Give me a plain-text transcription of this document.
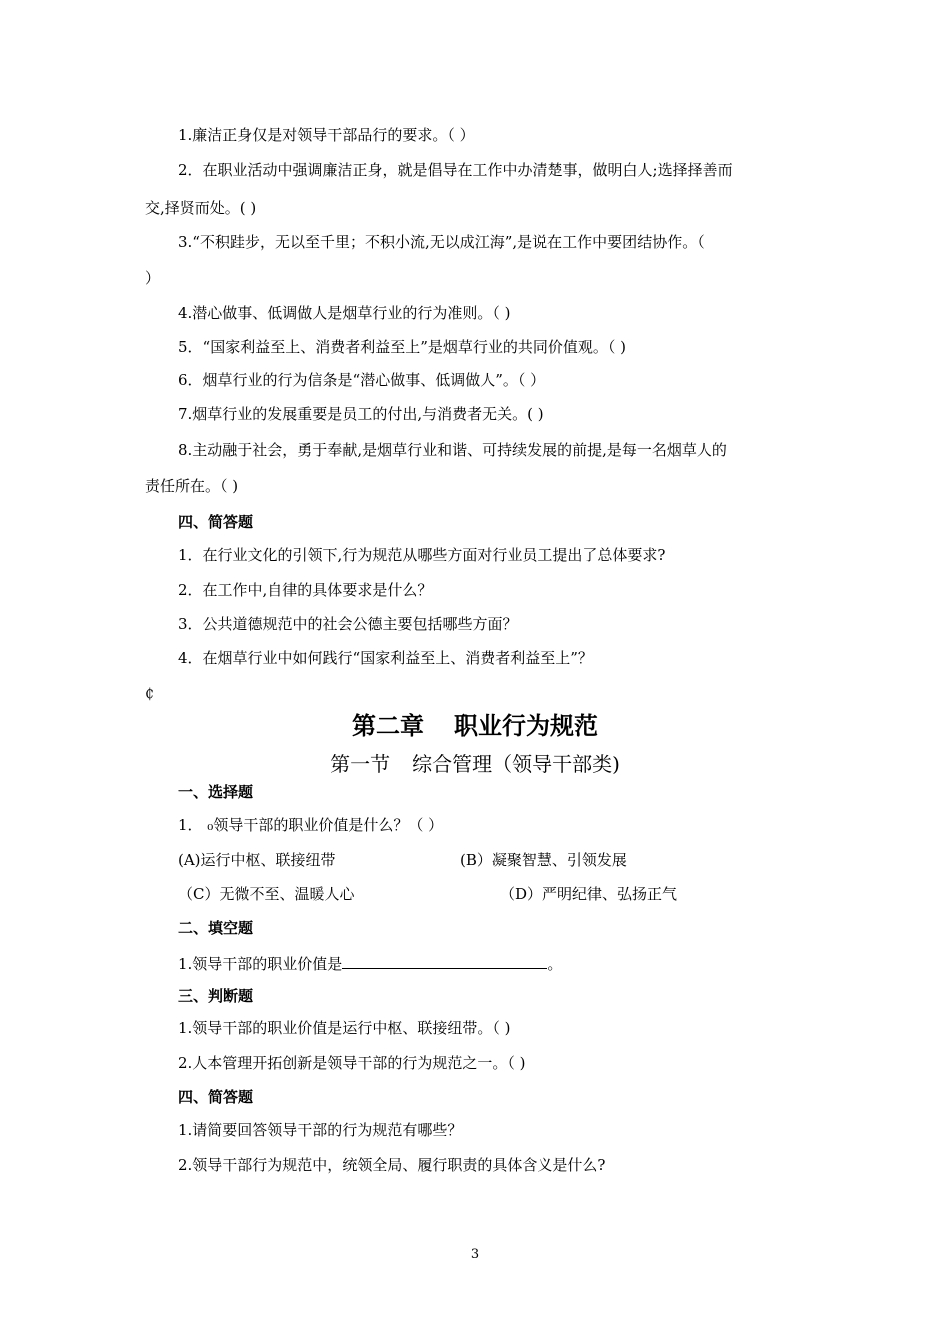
1.廉洁正身仅是对领导干部品行的要求。（ ）
2．在职业活动中强调廉洁正身，就是倡导在工作中办清楚事，做明白人;选择择善而
交,择贤而处。( )
3.“不积跬步，无以至千里；不积小流,无以成江海”,是说在工作中要团结协作。（
）
4.潜心做事、低调做人是烟草行业的行为准则。（ )
5．“国家利益至上、消费者利益至上”是烟草行业的共同价值观。（ )
6．烟草行业的行为信条是“潜心做事、低调做人”。（ ）
7.烟草行业的发展重要是员工的付出,与消费者无关。( )
8.主动融于社会，勇于奉献,是烟草行业和谐、可持续发展的前提,是每一名烟草人的
责任所在。（ )
四、简答题
1．在行业文化的引领下,行为规范从哪些方面对行业员工提出了总体要求?
2．在工作中,自律的具体要求是什么？
3．公共道德规范中的社会公德主要包括哪些方面？
4．在烟草行业中如何践行“国家利益至上、消费者利益至上”？
₵
第二章 职业行为规范
第一节 综合管理（领导干部类)
一、选择题
1． ₀领导干部的职业价值是什么？（ ）
(A)运行中枢、联接纽带	(B）凝聚智慧、引领发展
（C）无微不至、温暖人心	（D）严明纪律、弘扬正气
二、填空题
1.领导干部的职业价值是	。
三、判断题
1.领导干部的职业价值是运行中枢、联接纽带。（ )
2.人本管理开拓创新是领导干部的行为规范之一。（ )
四、简答题
1.请简要回答领导干部的行为规范有哪些？
2.领导干部行为规范中，统领全局、履行职责的具体含义是什么?
3
